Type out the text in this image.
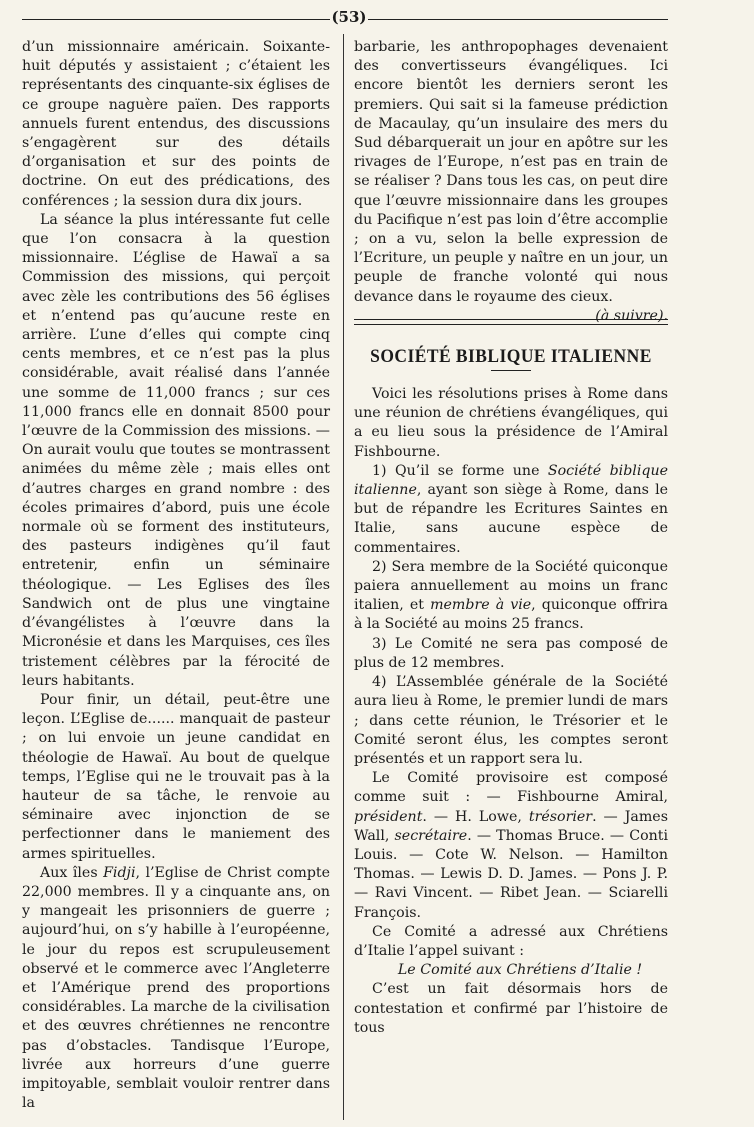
(53)

d’un missionnaire américain. Soixante-huit députés y assistaient ; c’étaient les représentants des cinquante-six églises de ce groupe naguère païen. Des rapports annuels furent entendus, des discussions s’engagèrent sur des détails d’organisation et sur des points de doctrine. On eut des prédications, des conférences ; la session dura dix jours.

La séance la plus intéressante fut celle que l’on consacra à la question missionnaire. L’église de Hawaï a sa Commission des missions, qui perçoit avec zèle les contributions des 56 églises et n’entend pas qu’aucune reste en arrière. L’une d’elles qui compte cinq cents membres, et ce n’est pas la plus considérable, avait réalisé dans l’année une somme de 11,000 francs ; sur ces 11,000 francs elle en donnait 8500 pour l’œuvre de la Commission des missions. — On aurait voulu que toutes se montrassent animées du même zèle ; mais elles ont d’autres charges en grand nombre : des écoles primaires d’abord, puis une école normale où se forment des instituteurs, des pasteurs indigènes qu’il faut entretenir, enfin un séminaire théologique. — Les Eglises des îles Sandwich ont de plus une vingtaine d’évangélistes à l’œuvre dans la Micronésie et dans les Marquises, ces îles tristement célèbres par la férocité de leurs habitants.

Pour finir, un détail, peut-être une leçon. L’Eglise de...... manquait de pasteur ; on lui envoie un jeune candidat en théologie de Hawaï. Au bout de quelque temps, l’Eglise qui ne le trouvait pas à la hauteur de sa tâche, le renvoie au séminaire avec injonction de se perfectionner dans le maniement des armes spirituelles.

Aux îles Fidji, l’Eglise de Christ compte 22,000 membres. Il y a cinquante ans, on y mangeait les prisonniers de guerre ; aujourd’hui, on s’y habille à l’européenne, le jour du repos est scrupuleusement observé et le commerce avec l’Angleterre et l’Amérique prend des proportions considérables. La marche de la civilisation et des œuvres chrétiennes ne rencontre pas d’obstacles. Tandisque l’Europe, livrée aux horreurs d’une guerre impitoyable, semblait vouloir rentrer dans la

barbarie, les anthropophages devenaient des convertisseurs évangéliques. Ici encore bientôt les derniers seront les premiers. Qui sait si la fameuse prédiction de Macaulay, qu’un insulaire des mers du Sud débarquerait un jour en apôtre sur les rivages de l’Europe, n’est pas en train de se réaliser ? Dans tous les cas, on peut dire que l’œuvre missionnaire dans les groupes du Pacifique n’est pas loin d’être accomplie ; on a vu, selon la belle expression de l’Ecriture, un peuple y naître en un jour, un peuple de franche volonté qui nous devance dans le royaume des cieux.
(à suivre).

SOCIÉTÉ BIBLIQUE ITALIENNE

Voici les résolutions prises à Rome dans une réunion de chrétiens évangéliques, qui a eu lieu sous la présidence de l’Amiral Fishbourne.

1) Qu’il se forme une Société biblique italienne, ayant son siège à Rome, dans le but de répandre les Ecritures Saintes en Italie, sans aucune espèce de commentaires.

2) Sera membre de la Société quiconque paiera annuellement au moins un franc italien, et membre à vie, quiconque offrira à la Société au moins 25 francs.

3) Le Comité ne sera pas composé de plus de 12 membres.

4) L’Assemblée générale de la Société aura lieu à Rome, le premier lundi de mars ; dans cette réunion, le Trésorier et le Comité seront élus, les comptes seront présentés et un rapport sera lu.

Le Comité provisoire est composé comme suit : — Fishbourne Amiral, président. — H. Lowe, trésorier. — James Wall, secrétaire. — Thomas Bruce. — Conti Louis. — Cote W. Nelson. — Hamilton Thomas. — Lewis D. D. James. — Pons J. P. — Ravi Vincent. — Ribet Jean. — Sciarelli François.

Ce Comité a adressé aux Chrétiens d’Italie l’appel suivant :

Le Comité aux Chrétiens d’Italie !

C’est un fait désormais hors de contestation et confirmé par l’histoire de tous
